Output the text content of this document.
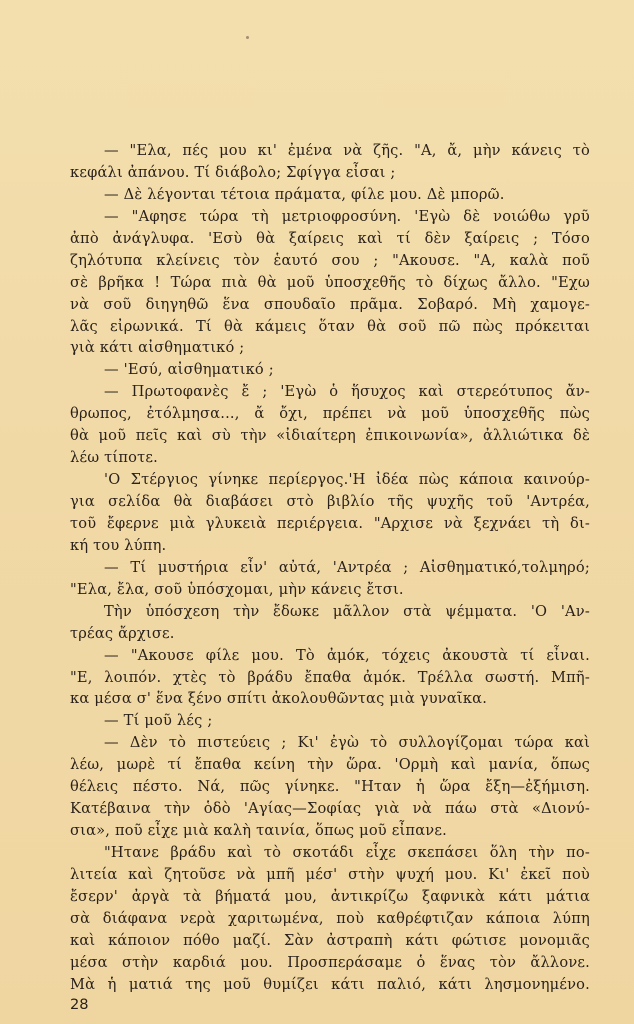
— "Ελα, πές μου κι' ἐμένα νὰ ζῆς. "Α, ἄ, μὴν κάνεις τὸ
κεφάλι ἀπάνου. Τί διάβολο; Σφίγγα εἶσαι ;
— Δὲ λέγονται τέτοια πράματα, φίλε μου. Δὲ μπορῶ.
— "Αφησε τώρα τὴ μετριοφροσύνη. 'Εγὼ δὲ νοιώθω γρῦ
ἀπὸ ἀνάγλυφα. 'Εσὺ θὰ ξαίρεις καὶ τί δὲν ξαίρεις ; Τόσο
ζηλότυπα κλείνεις τὸν ἑαυτό σου ; "Ακουσε. "Α, καλὰ ποῦ
σὲ βρῆκα ! Τώρα πιὰ θὰ μοῦ ὑποσχεθῆς τὸ δίχως ἄλλο. "Εχω
νὰ σοῦ διηγηθῶ ἕνα σπουδαῖο πρᾶμα. Σοβαρό. Μὴ χαμογε-
λᾶς εἰρωνικά. Τί θὰ κάμεις ὅταν θὰ σοῦ πῶ πὼς πρόκειται
γιὰ κάτι αἰσθηματικό ;
— 'Εσύ, αἰσθηματικό ;
— Πρωτοφανὲς ἔ ; 'Εγὼ ὁ ἥσυχος καὶ στερεότυπος ἄν-
θρωπος, ἐτόλμησα..., ἄ ὄχι, πρέπει νὰ μοῦ ὑποσχεθῆς πὼς
θὰ μοῦ πεῖς καὶ σὺ τὴν «ἰδιαίτερη ἐπικοινωνία», ἀλλιώτικα δὲ
λέω τίποτε.
'Ο Στέργιος γίνηκε περίεργος.'Η ἰδέα πὼς κάποια καινούρ-
για σελίδα θὰ διαβάσει στὸ βιβλίο τῆς ψυχῆς τοῦ 'Αντρέα,
τοῦ ἔφερνε μιὰ γλυκειὰ περιέργεια. "Αρχισε νὰ ξεχνάει τὴ δι-
κή του λύπη.
— Τί μυστήρια εἶν' αὐτά, 'Αντρέα ; Αἰσθηματικό,τολμηρό;
"Ελα, ἔλα, σοῦ ὑπόσχομαι, μὴν κάνεις ἔτσι.
Τὴν ὑπόσχεση τὴν ἔδωκε μᾶλλον στὰ ψέμματα. 'Ο 'Αν-
τρέας ἄρχισε.
— "Ακουσε φίλε μου. Τὸ ἀμόκ, τόχεις ἀκουστὰ τί εἶναι.
"Ε, λοιπόν. χτὲς τὸ βράδυ ἔπαθα ἀμόκ. Τρέλλα σωστή. Μπῆ-
κα μέσα σ' ἕνα ξένο σπίτι ἀκολουθῶντας μιὰ γυναῖκα.
— Τί μοῦ λές ;
— Δὲν τὸ πιστεύεις ; Κι' ἐγὼ τὸ συλλογίζομαι τώρα καὶ
λέω, μωρὲ τί ἔπαθα κείνη τὴν ὥρα. 'Ορμὴ καὶ μανία, ὅπως
θέλεις πέστο. Νά, πῶς γίνηκε. "Ηταν ἡ ὥρα ἔξη—ἐξήμιση.
Κατέβαινα τὴν ὁδὸ 'Αγίας—Σοφίας γιὰ νὰ πάω στὰ «Διονύ-
σια», ποῦ εἶχε μιὰ καλὴ ταινία, ὅπως μοῦ εἶπανε.
"Ητανε βράδυ καὶ τὸ σκοτάδι εἶχε σκεπάσει ὅλη τὴν πο-
λιτεία καὶ ζητοῦσε νὰ μπῆ μέσ' στὴν ψυχή μου. Κι' ἐκεῖ ποὺ
ἔσερν' ἀργὰ τὰ βήματά μου, ἀντικρίζω ξαφνικὰ κάτι μάτια
σὰ διάφανα νερὰ χαριτωμένα, ποὺ καθρέφτιζαν κάποια λύπη
καὶ κάποιον πόθο μαζί. Σὰν ἀστραπὴ κάτι φώτισε μονομιᾶς
μέσα στὴν καρδιά μου. Προσπεράσαμε ὁ ἕνας τὸν ἄλλονε.
Μὰ ἡ ματιά της μοῦ θυμίζει κάτι παλιό, κάτι λησμονημένο.
28
